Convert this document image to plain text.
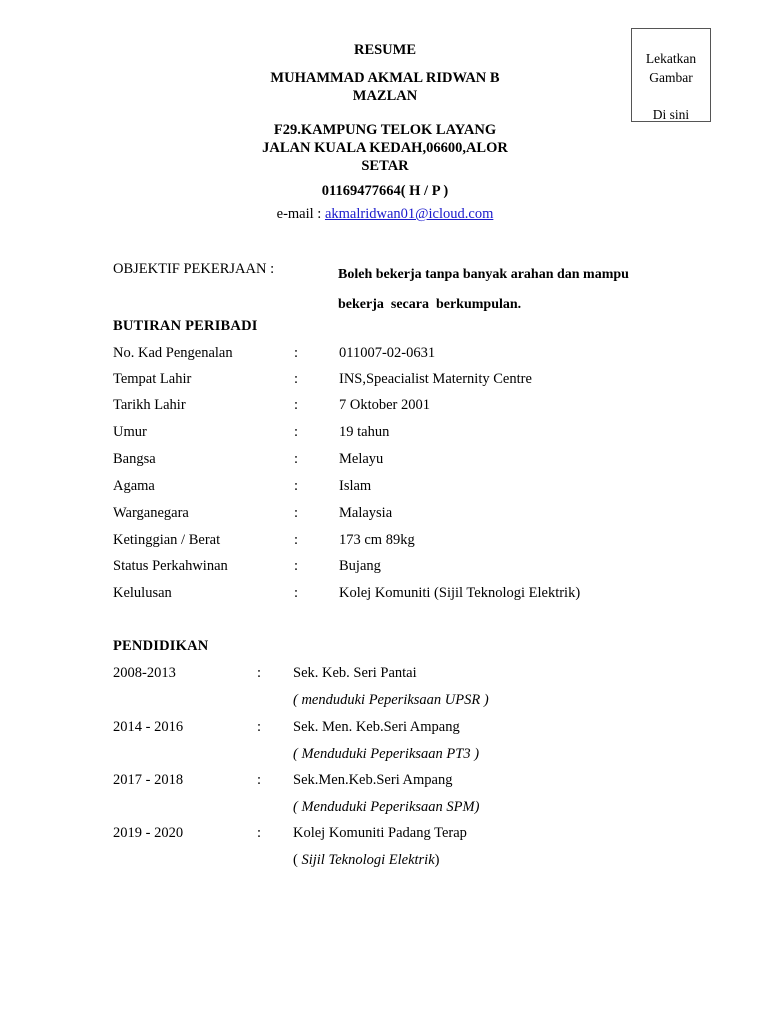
Lekatkan
Gambar
Di sini
RESUME
MUHAMMAD AKMAL RIDWAN B
MAZLAN
F29.KAMPUNG TELOK LAYANG
JALAN KUALA KEDAH,06600,ALOR
SETAR
01169477664( H / P )
e-mail : akmalridwan01@icloud.com
OBJEKTIF PEKERJAAN :	Boleh bekerja tanpa banyak arahan dan mampu
bekerja  secara  berkumpulan.
BUTIRAN PERIBADI
No. Kad Pengenalan	:	011007-02-0631
Tempat Lahir	:	INS,Speacialist Maternity Centre
Tarikh Lahir	:	7 Oktober 2001
Umur	:	19 tahun
Bangsa	:	Melayu
Agama	:	Islam
Warganegara	:	Malaysia
Ketinggian / Berat	:	173 cm 89kg
Status Perkahwinan	:	Bujang
Kelulusan	:	Kolej Komuniti (Sijil Teknologi Elektrik)
PENDIDIKAN
2008-2013	: Sek. Keb. Seri Pantai
( menduduki Peperiksaan UPSR )
2014 - 2016	: Sek. Men. Keb.Seri Ampang
( Menduduki Peperiksaan PT3 )
2017 - 2018	: Sek.Men.Keb.Seri Ampang
( Menduduki Peperiksaan SPM)
2019 - 2020	: Kolej Komuniti Padang Terap
( Sijil Teknologi Elektrik)
